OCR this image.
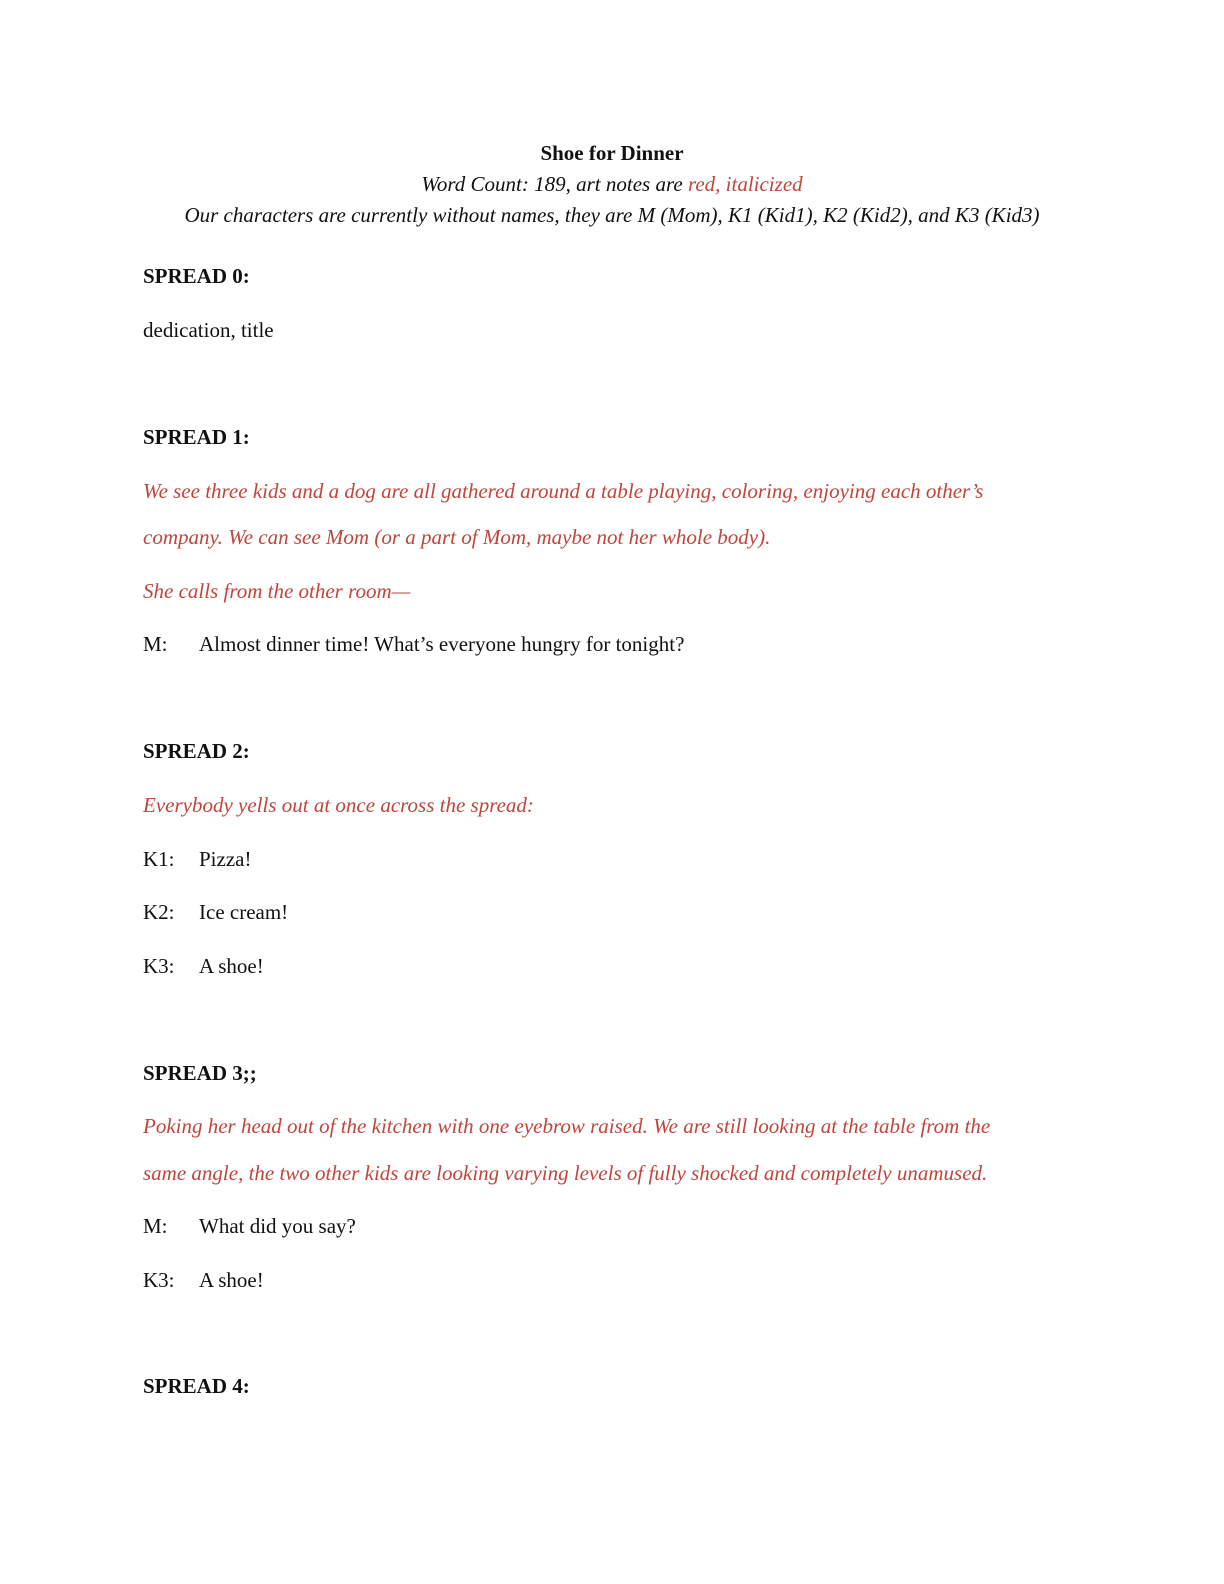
Shoe for Dinner
Word Count: 189, art notes are red, italicized
Our characters are currently without names, they are M (Mom), K1 (Kid1), K2 (Kid2), and K3 (Kid3)
SPREAD 0:
dedication, title
SPREAD 1:
We see three kids and a dog are all gathered around a table playing, coloring, enjoying each other’s
company. We can see Mom (or a part of Mom, maybe not her whole body).
She calls from the other room—
M: Almost dinner time! What’s everyone hungry for tonight?
SPREAD 2:
Everybody yells out at once across the spread:
K1: Pizza!
K2: Ice cream!
K3: A shoe!
SPREAD 3;;
Poking her head out of the kitchen with one eyebrow raised. We are still looking at the table from the
same angle, the two other kids are looking varying levels of fully shocked and completely unamused.
M: What did you say?
K3: A shoe!
SPREAD 4:
